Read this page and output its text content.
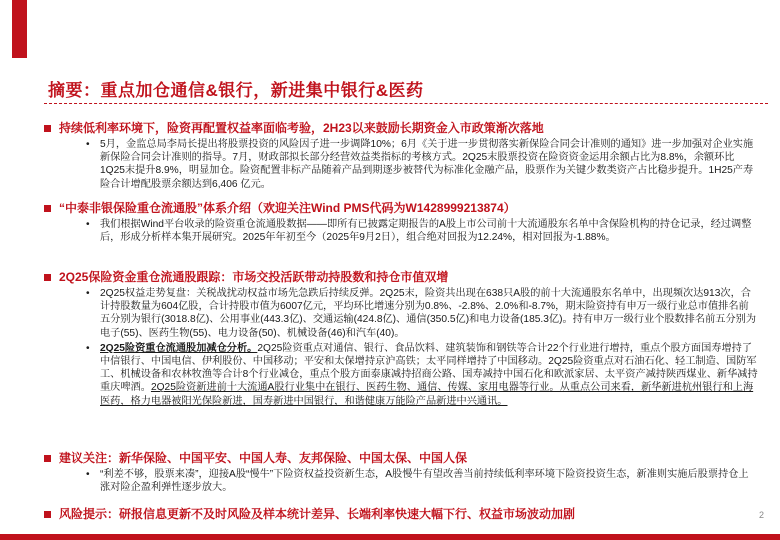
摘要：重点加仓通信&银行，新进集中银行&医药
持续低利率环境下，险资再配置权益率面临考验，2H23以来鼓励长期资金入市政策渐次落地
• 5月，金监总局李局长提出将股票投资的风险因子进一步调降10%；6月《关于进一步贯彻落实新保险合同会计准则的通知》进一步加强对企业实施新保险合同会计准则的指导。7月，财政部拟长部分经营效益类指标的考核方式。2Q25末股票投资在险资资金运用余额占比为8.8%，余额环比1Q25末提升8.9%，明显加仓。险资配置非标产品随着产品到期逐步被替代为标准化金融产品，股票作为关键少数类资产占比稳步提升。1H25产寿险合计增配股票余额达到6,406 亿元。
“中泰非银保险重仓流通股”体系介绍（欢迎关注Wind PMS代码为W1428999213874）
• 我们根据Wind平台收录的险资重仓流通股数据——即所有已披露定期报告的A股上市公司前十大流通股东名单中含保险机构的持仓记录，经过调整后，形成分析样本集开展研究。2025年年初至今（2025年9月2日），组合绝对回报为12.24%，相对回报为-1.88%。
2Q25保险资金重仓流通股跟踪：市场交投活跃带动持股数和持仓市值双增
• 2Q25权益走势复盘：关税战扰动权益市场先急跌后持续反弹。2Q25末，险资共出现在638只A股的前十大流通股东名单中，出现频次达913次，合计持股数量为604亿股，合计持股市值为6007亿元，平均环比增速分别为0.8%、-2.8%、2.0%和-8.7%，期末险资持有申万一级行业总市值排名前五分别为银行(3018.8亿)、公用事业(443.3亿)、交通运输(424.8亿)、通信(350.5亿)和电力设备(185.3亿)。持有申万一级行业个股数排名前五分别为电子(55)、医药生物(55)、电力设备(50)、机械设备(46)和汽车(40)。
• 2Q25险资重仓流通股加减仓分析。2Q25险资重点对通信、银行、食品饮料、建筑装饰和钢铁等合计22个行业进行增持，重点个股方面国寿增持了中信银行、中国电信、伊利股份、中国移动；平安和太保增持京沪高铁；太平同样增持了中国移动。2Q25险资重点对石油石化、轻工制造、国防军工、机械设备和农林牧渔等合计8个行业减仓，重点个股方面泰康减持招商公路、国寿减持中国石化和欧派家居、太平资产减持陕西煤业、新华减持重庆啤酒。2Q25险资新进前十大流通A股行业集中在银行、医药生物、通信、传媒、家用电器等行业。从重点公司来看，新华新进杭州银行和上海医药，格力电器被阳光保险新进，国寿新进中国银行，和谐健康万能险产品新进中兴通讯。
建议关注：新华保险、中国平安、中国人寿、友邦保险、中国太保、中国人保
• “利差不够，股票来凑”，迎接A股“慢牛”下险资权益投资新生态，A股慢牛有望改善当前持续低利率环境下险资投资生态，新准则实施后股票持仓上涨对险企盈利弹性逐步放大。
风险提示：研报信息更新不及时风险及样本统计差异、长端利率快速大幅下行、权益市场波动加剧	2
